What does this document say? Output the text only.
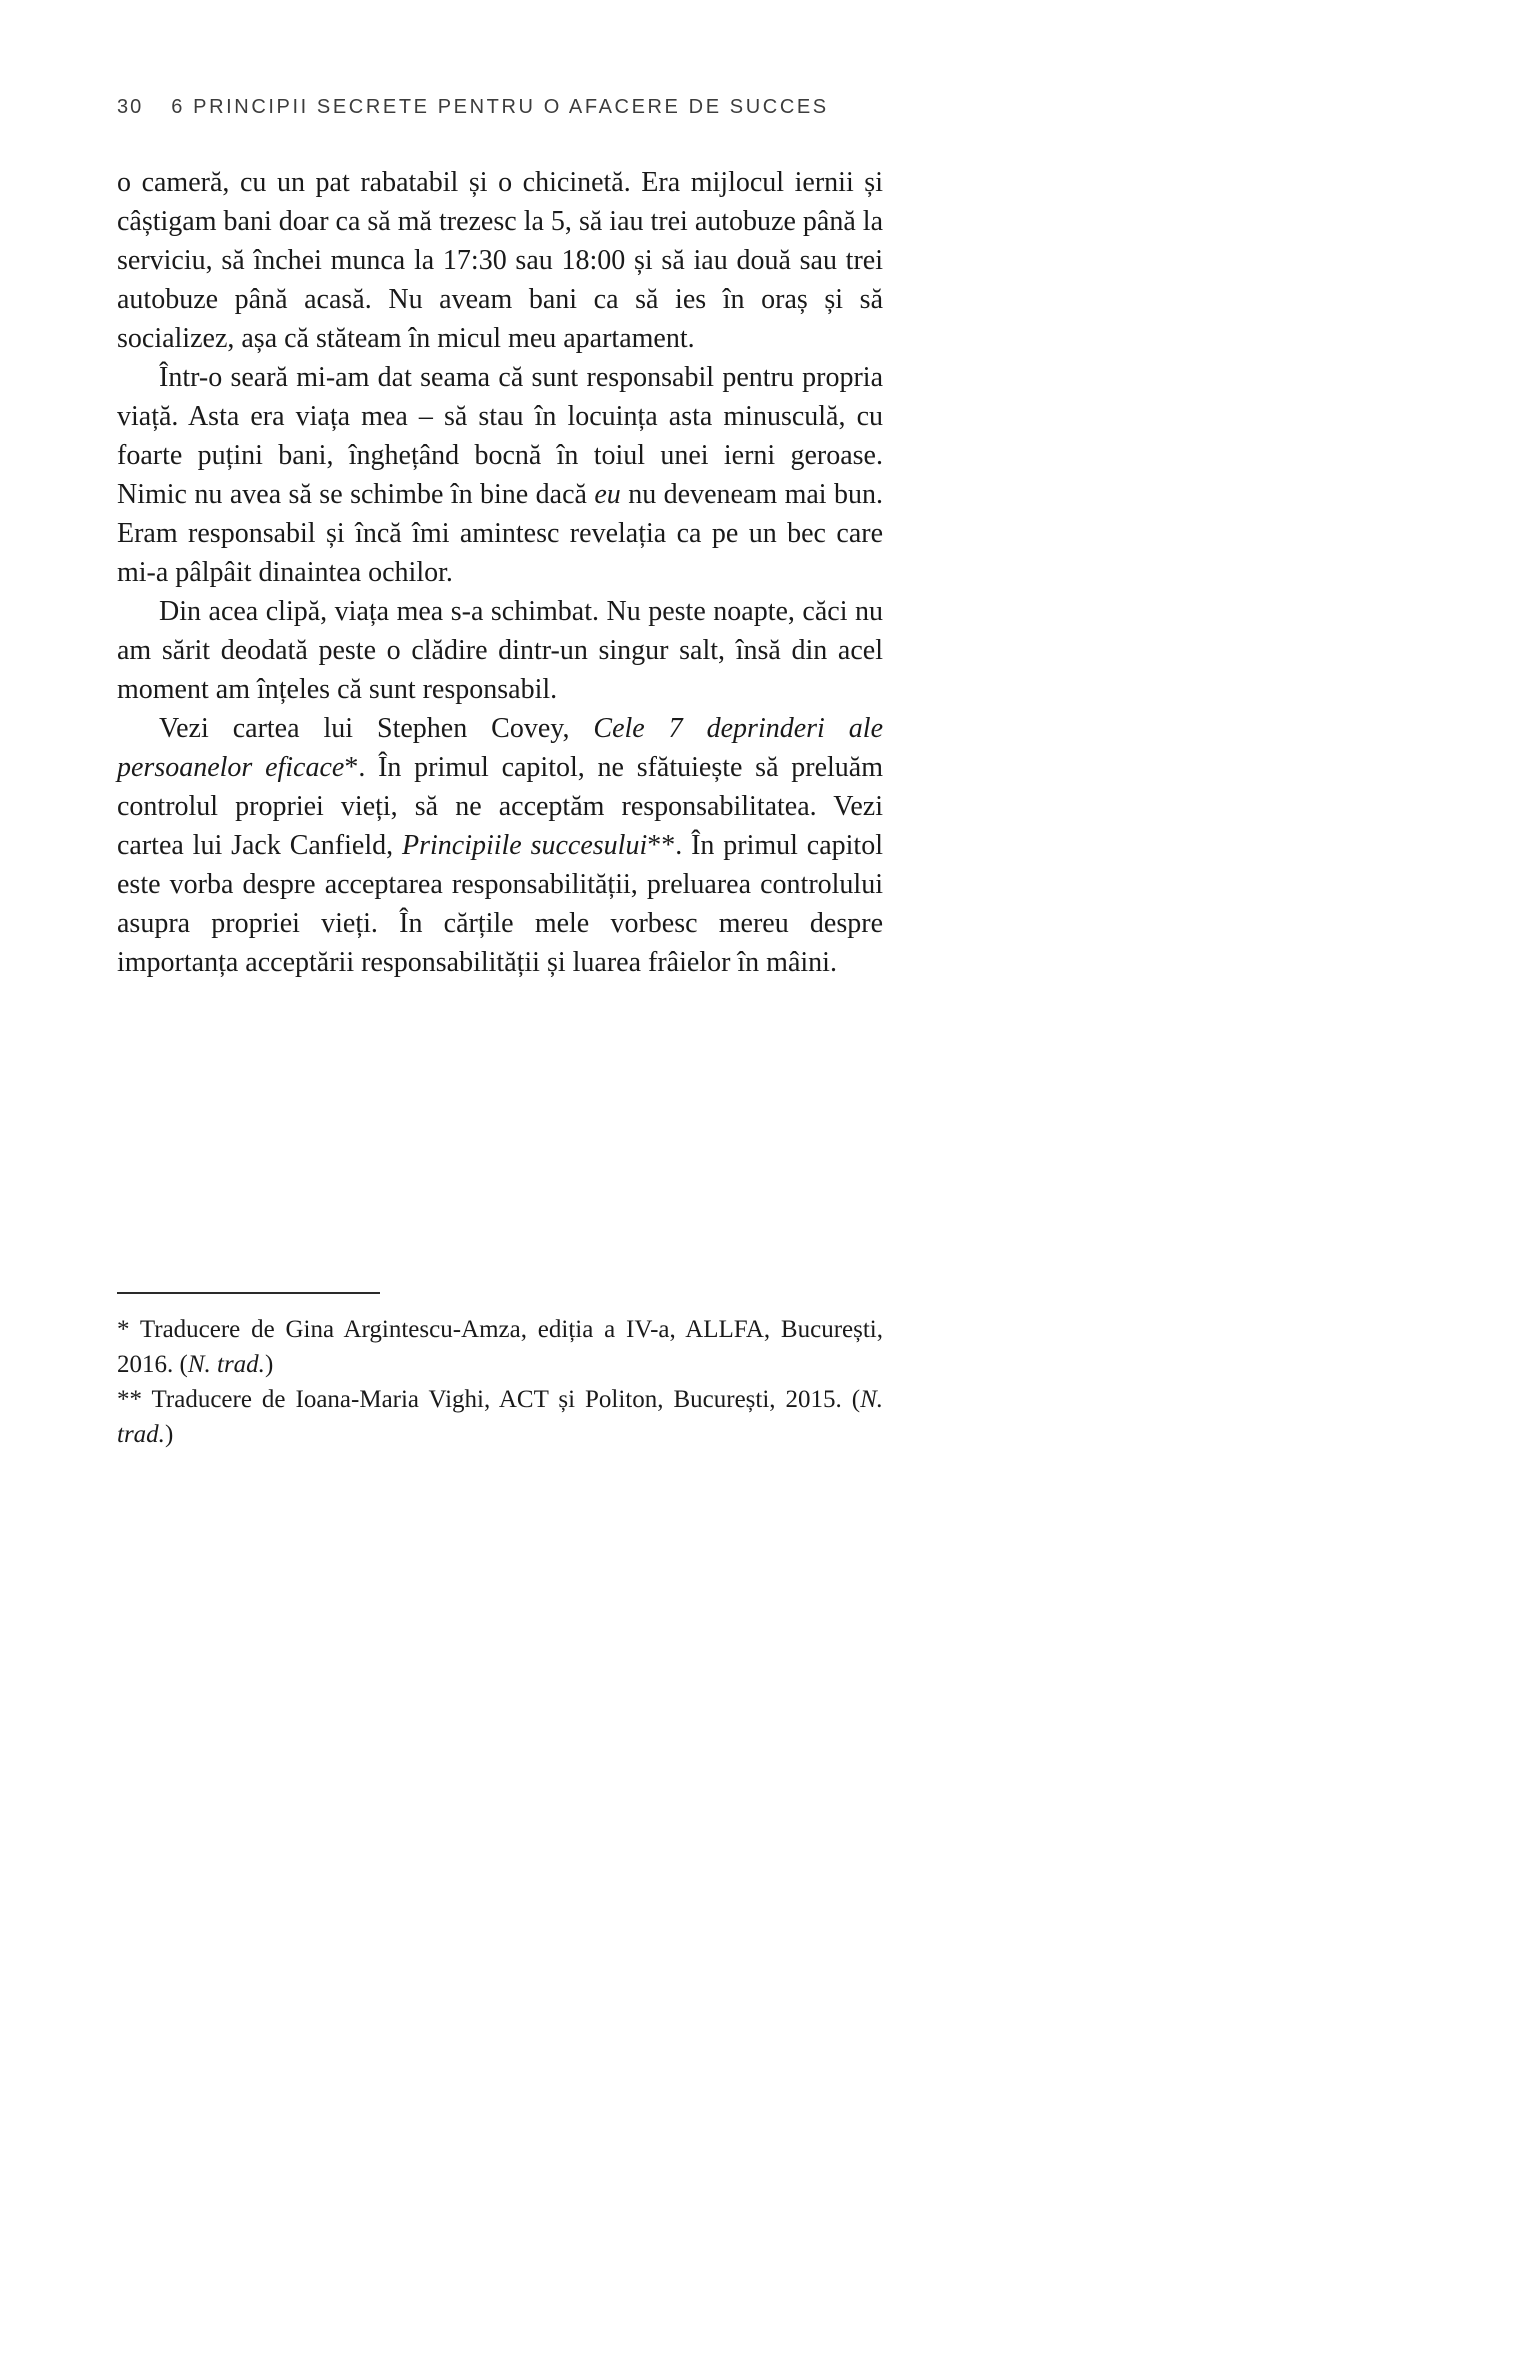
30	6 PRINCIPII SECRETE PENTRU O AFACERE DE SUCCES

o cameră, cu un pat rabatabil și o chicinetă. Era mijlocul iernii și câștigam bani doar ca să mă trezesc la 5, să iau trei autobuze până la serviciu, să închei munca la 17:30 sau 18:00 și să iau două sau trei autobuze până acasă. Nu aveam bani ca să ies în oraș și să socializez, așa că stăteam în micul meu apartament.

Într-o seară mi-am dat seama că sunt responsabil pentru propria viață. Asta era viața mea – să stau în locuința asta minusculă, cu foarte puțini bani, înghețând bocnă în toiul unei ierni geroase. Nimic nu avea să se schimbe în bine dacă eu nu deveneam mai bun. Eram responsabil și încă îmi amintesc revelația ca pe un bec care mi-a pâlpâit dinaintea ochilor.

Din acea clipă, viața mea s-a schimbat. Nu peste noapte, căci nu am sărit deodată peste o clădire dintr-un singur salt, însă din acel moment am înțeles că sunt responsabil.

Vezi cartea lui Stephen Covey, Cele 7 deprinderi ale persoanelor eficace*. În primul capitol, ne sfătuiește să preluăm controlul propriei vieți, să ne acceptăm responsabilitatea. Vezi cartea lui Jack Canfield, Principiile succesului**. În primul capitol este vorba despre acceptarea responsabilității, preluarea controlului asupra propriei vieți. În cărțile mele vorbesc mereu despre importanța acceptării responsabilității și luarea frâielor în mâini.

* Traducere de Gina Argintescu-Amza, ediția a IV-a, ALLFA, București, 2016. (N. trad.)

** Traducere de Ioana-Maria Vighi, ACT și Politon, București, 2015. (N. trad.)
